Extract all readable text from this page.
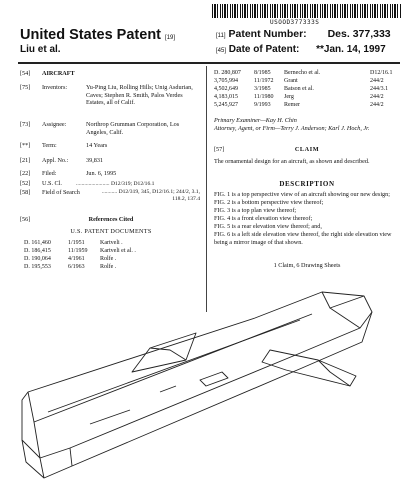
USOOD377333S
United States Patent [19]
Liu et al.
[11] Patent Number: Des. 377,333
[45] Date of Patent: **Jan. 14, 1997
[54] AIRCRAFT
[75] Inventors:	Yu-Ping Liu, Rolling Hills; Unig Asdurian, Caves; Stephen R. Smith, Palos Verdes Estates, all of Calif.
[73] Assignee:	Northrop Grumman Corporation, Los Angeles, Calif.
[**] Term:	14 Years
[21] Appl. No.:	39,831
[22] Filed:	Jun. 6, 1995
[52] U.S. Cl.	........................ D12/319; D12/16.1
[58] Field of Search	........... D12/319, 345, D12/16.1; 244/2, 3.1, 118.2, 137.4
[56]	References Cited
U.S. PATENT DOCUMENTS
D. 161,460	1/1951	Kartveli .
D. 186,415	11/1959 Kartveli et al. .
D. 190,064	4/1961	Rolfe .
D. 195,553	6/1963	Rolfe .
D. 280,807 8/1985 Bernecho et al.	D12/16.1
3,705,994	11/1972 Grant	244/2
4,502,649	3/1985 Batson et al.	244/3.1
4,183,015	11/1980 Jerg	244/2
5,245,927	9/1993 Remer	244/2
Primary Examiner—Kay H. Chin
Attorney, Agent, or Firm—Terry J. Anderson; Karl J. Hoch, Jr.
[57]	CLAIM
The ornamental design for an aircraft, as shown and described.
DESCRIPTION

FIG. 1 is a top perspective view of an aircraft showing our new design;

FIG. 2 is a bottom perspective view thereof;

FIG. 3 is a top plan view thereof;

FIG. 4 is a front elevation view thereof;

FIG. 5 is a rear elevation view thereof; and,

FIG. 6 is a left side elevation view thereof, the right side elevation view being a mirror image of that shown.

1 Claim, 6 Drawing Sheets
